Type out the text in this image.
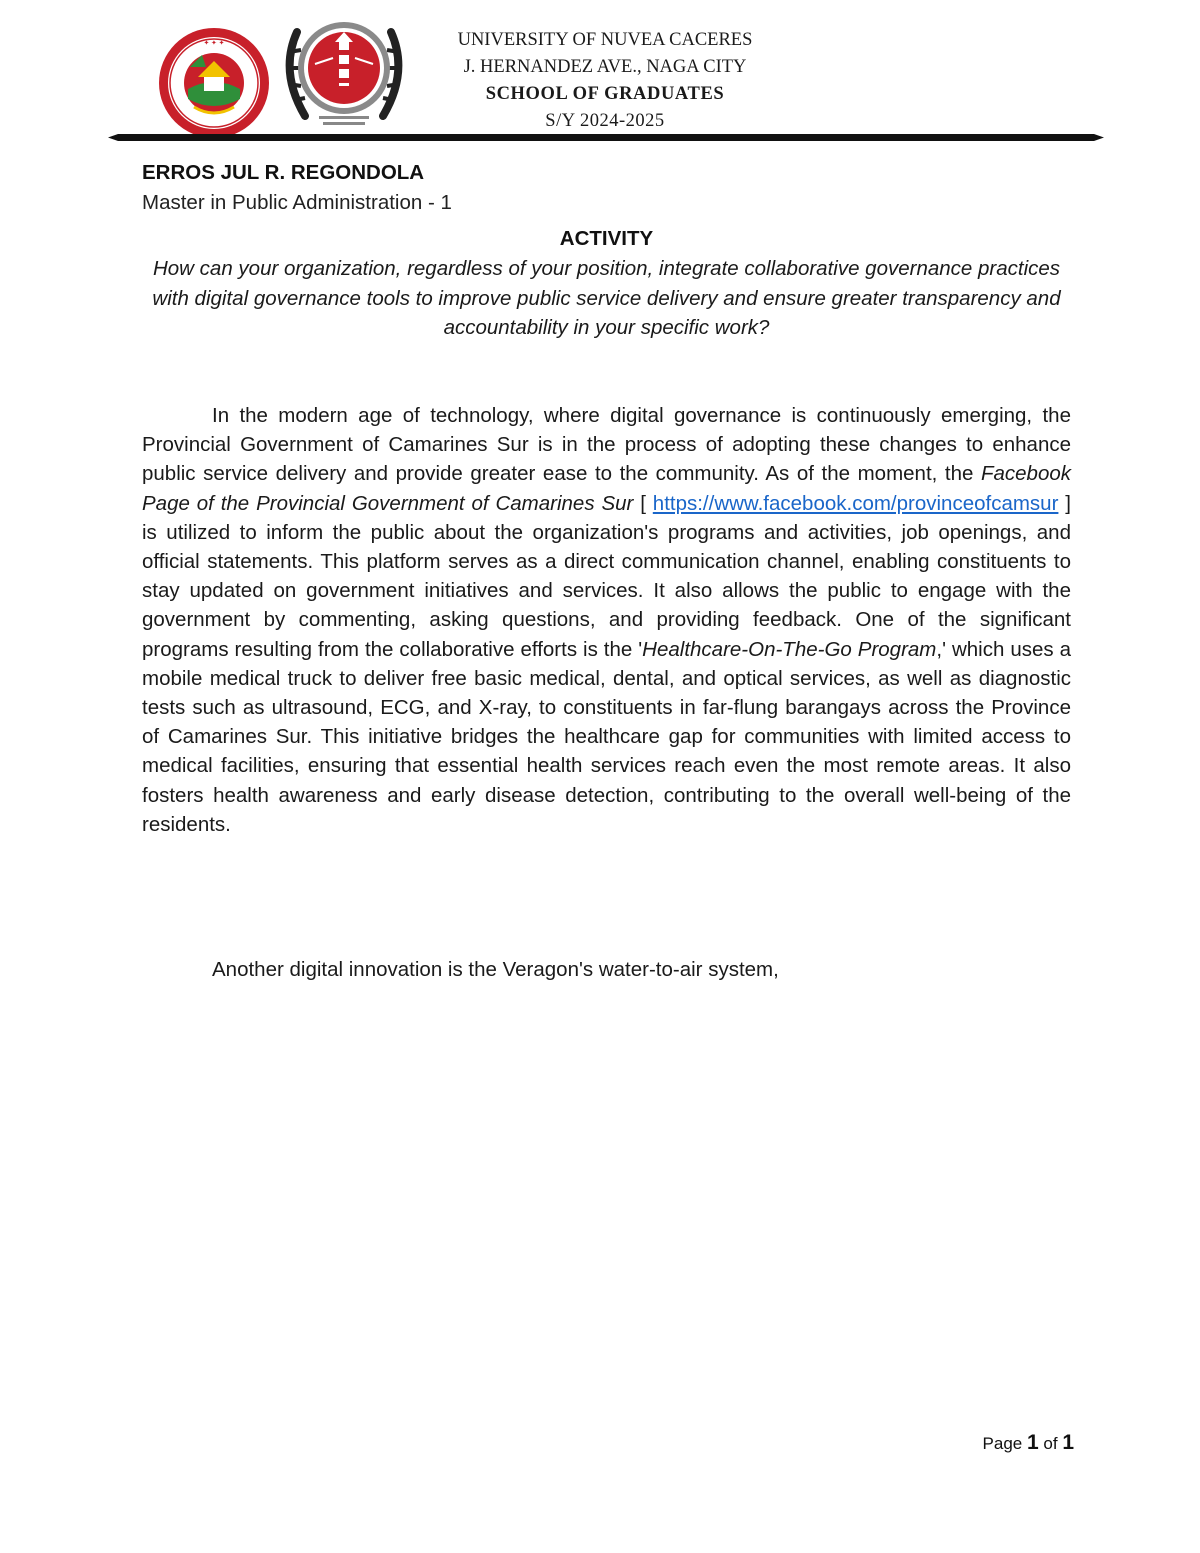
✦ ✦ ✦	UNIVERSITY OF NUVEA CACERES
J. HERNANDEZ AVE., NAGA CITY
SCHOOL OF GRADUATES
S/Y 2024-2025
ERROS JUL R. REGONDOLA
Master in Public Administration - 1
ACTIVITY
How can your organization, regardless of your position, integrate collaborative governance practices with digital governance tools to improve public service delivery and ensure greater transparency and accountability in your specific work?

In the modern age of technology, where digital governance is continuously emerging, the Provincial Government of Camarines Sur is in the process of adopting these changes to enhance public service delivery and provide greater ease to the community. As of the moment, the Facebook Page of the Provincial Government of Camarines Sur [ https://www.facebook.com/provinceofcamsur ] is utilized to inform the public about the organization's programs and activities, job openings, and official statements. This platform serves as a direct communication channel, enabling constituents to stay updated on government initiatives and services. It also allows the public to engage with the government by commenting, asking questions, and providing feedback. One of the significant programs resulting from the collaborative efforts is the 'Healthcare-On-The-Go Program,' which uses a mobile medical truck to deliver free basic medical, dental, and optical services, as well as diagnostic tests such as ultrasound, ECG, and X-ray, to constituents in far-flung barangays across the Province of Camarines Sur. This initiative bridges the healthcare gap for communities with limited access to medical facilities, ensuring that essential health services reach even the most remote areas. It also fosters health awareness and early disease detection, contributing to the overall well-being of the residents.

Another digital innovation is the Veragon's water-to-air system,

Page 1 of 1
